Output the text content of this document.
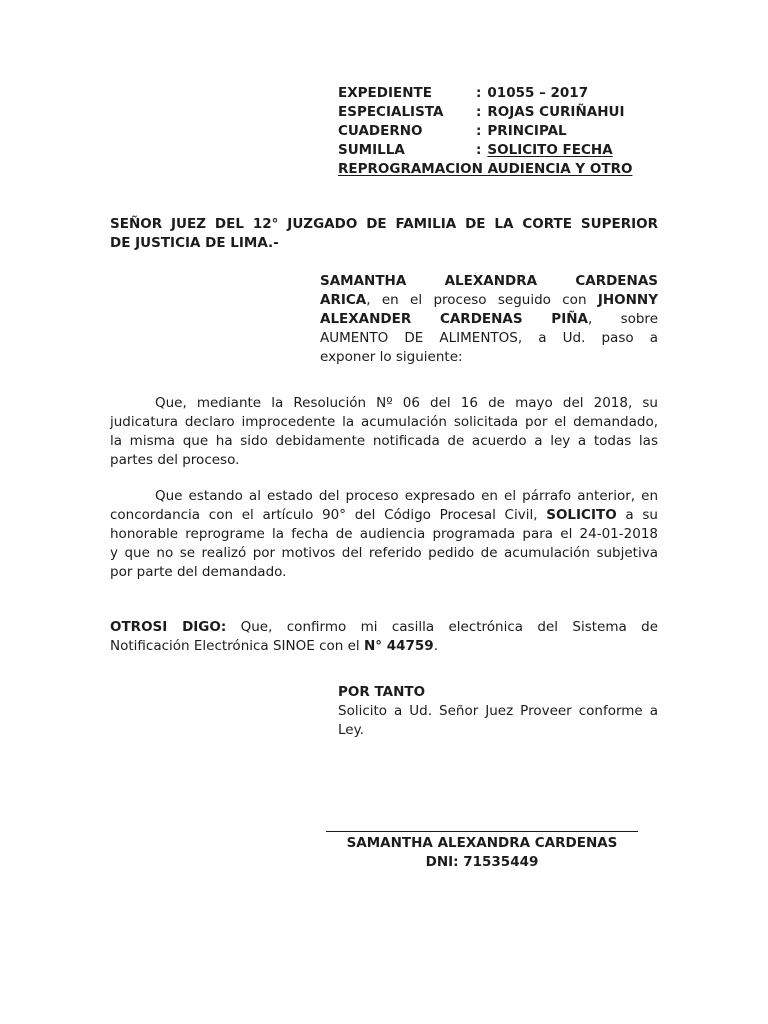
EXPEDIENTE	: 01055 – 2017
ESPECIALISTA	: ROJAS CURIÑAHUI
CUADERNO	: PRINCIPAL
SUMILLA	: SOLICITO FECHA
REPROGRAMACION AUDIENCIA Y OTRO
SEÑOR JUEZ DEL 12° JUZGADO DE FAMILIA DE LA CORTE SUPERIOR
DE JUSTICIA DE LIMA.-
SAMANTHA ALEXANDRA CARDENAS
ARICA, en el proceso seguido con JHONNY
ALEXANDER CARDENAS PIÑA, sobre
AUMENTO DE ALIMENTOS, a Ud. paso a
exponer lo siguiente:
Que, mediante la Resolución Nº 06 del 16 de mayo del 2018, su
judicatura declaro improcedente la acumulación solicitada por el demandado,
la misma que ha sido debidamente notificada de acuerdo a ley a todas las
partes del proceso.
Que estando al estado del proceso expresado en el párrafo anterior, en
concordancia con el artículo 90° del Código Procesal Civil, SOLICITO a su
honorable reprograme la fecha de audiencia programada para el 24-01-2018
y que no se realizó por motivos del referido pedido de acumulación subjetiva
por parte del demandado.
OTROSI DIGO: Que, confirmo mi casilla electrónica del Sistema de
Notificación Electrónica SINOE con el N° 44759.
POR TANTO
Solicito a Ud. Señor Juez Proveer conforme a
Ley.
SAMANTHA ALEXANDRA CARDENAS
DNI: 71535449
